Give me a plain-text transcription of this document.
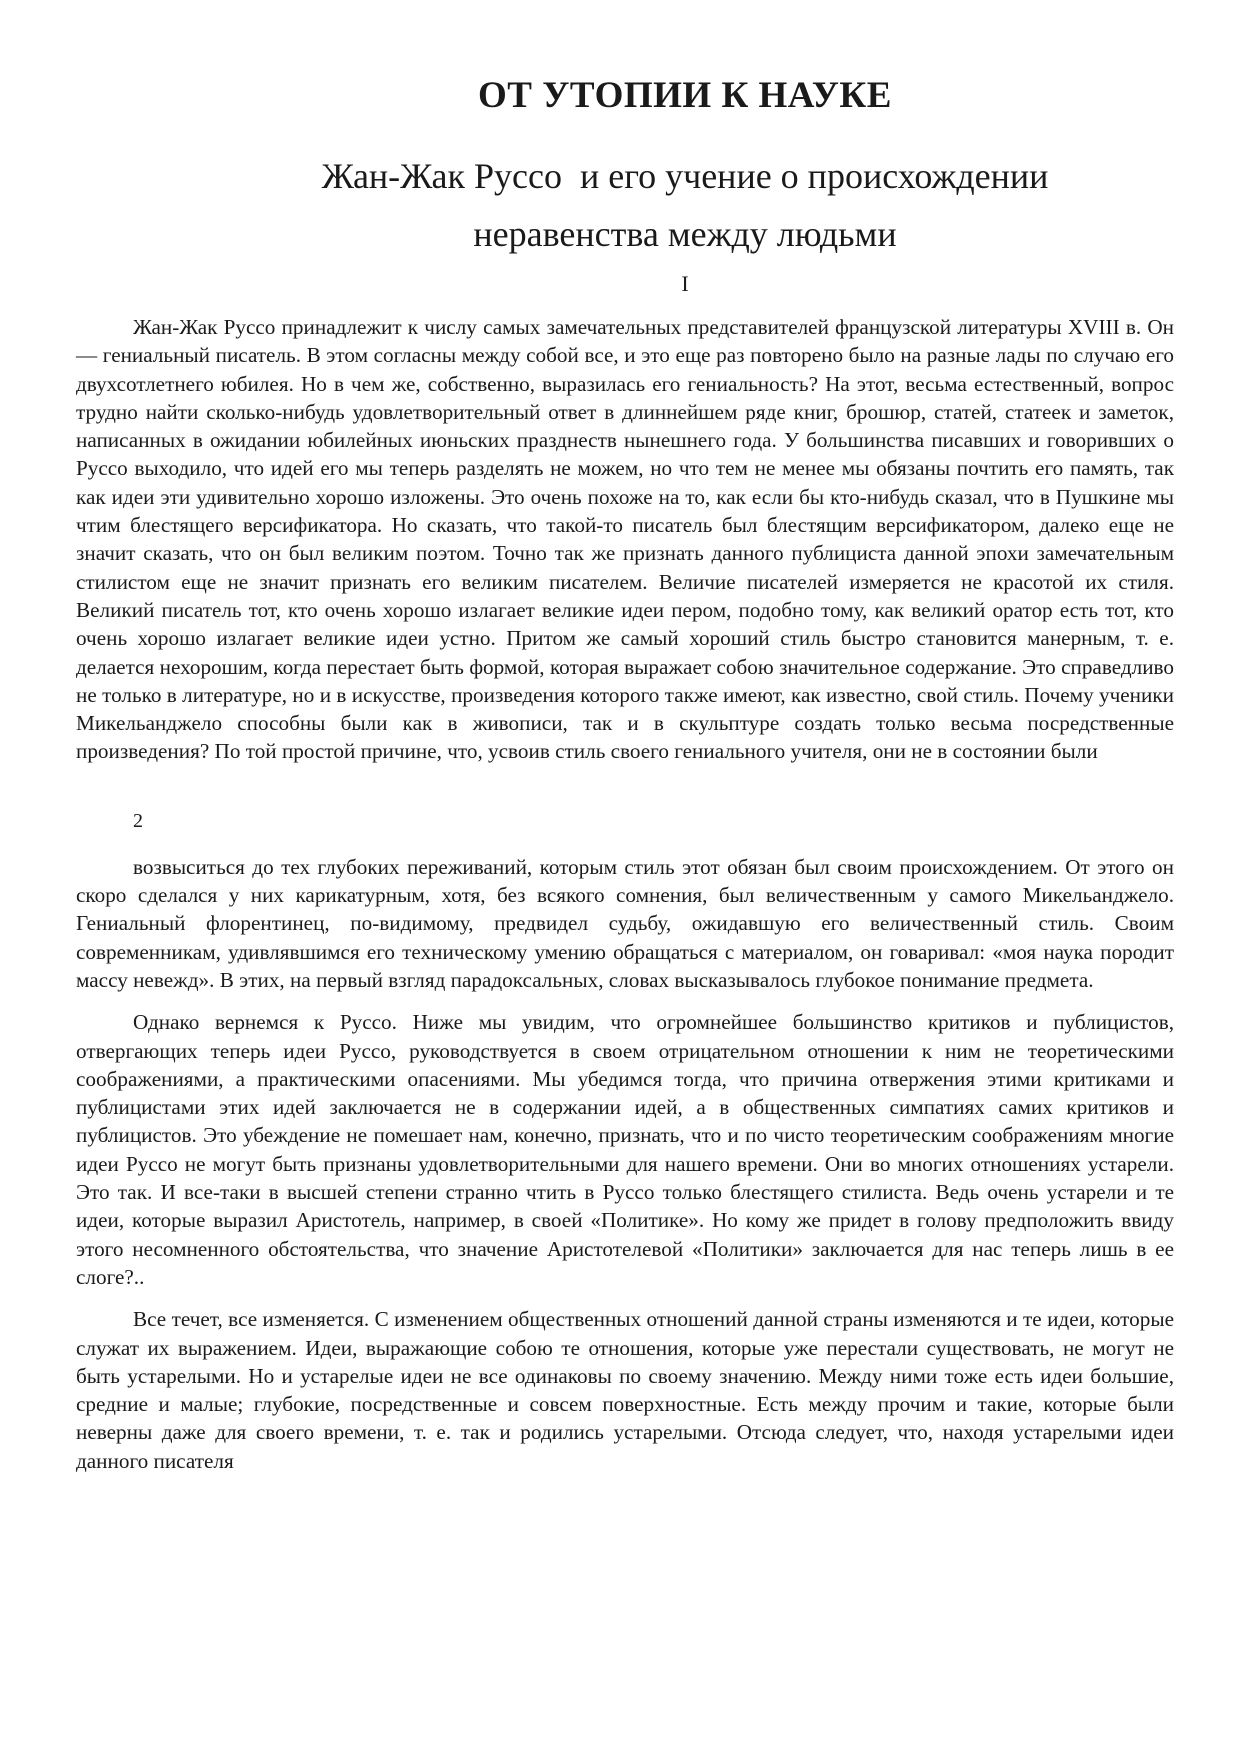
ОТ УТОПИИ К НАУКЕ
Жан-Жак Руссо  и его учение о происхождении
неравенства между людьми
I

Жан-Жак Руссо принадлежит к числу самых замечательных представителей французской литературы XVIII в. Он — гениальный писатель. В этом согласны между собой все, и это еще раз повторено было на разные лады по случаю его двухсотлетнего юбилея. Но в чем же, собственно, выразилась его гениальность? На этот, весьма естественный, вопрос трудно найти сколько-нибудь удовлетворительный ответ в длиннейшем ряде книг, брошюр, статей, статеек и заметок, написанных в ожидании юбилейных июньских празднеств нынешнего года. У большинства писавших и говоривших о Руссо выходило, что идей его мы теперь разделять не можем, но что тем не менее мы обязаны почтить его память, так как идеи эти удивительно хорошо изложены. Это очень похоже на то, как если бы кто-нибудь сказал, что в Пушкине мы чтим блестящего версификатора. Но сказать, что такой-то писатель был блестящим версификатором, далеко еще не значит сказать, что он был великим поэтом. Точно так же признать данного публициста данной эпохи замечательным стилистом еще не значит признать его великим писателем. Величие писателей измеряется не красотой их стиля. Великий писатель тот, кто очень хорошо излагает великие идеи пером, подобно тому, как великий оратор есть тот, кто очень хорошо излагает великие идеи устно. Притом же самый хороший стиль быстро становится манерным, т. е. делается нехорошим, когда перестает быть формой, которая выражает собою значительное содержание. Это справедливо не только в литературе, но и в искусстве, произведения которого также имеют, как известно, свой стиль. Почему ученики Микельанджело способны были как в живописи, так и в скульптуре создать только весьма посредственные произведения? По той простой причине, что, усвоив стиль своего гениального учителя, они не в состоянии были

2

возвыситься до тех глубоких переживаний, которым стиль этот обязан был своим происхождением. От этого он скоро сделался у них карикатурным, хотя, без всякого сомнения, был величественным у самого Микельанджело. Гениальный флорентинец, по-видимому, предвидел судьбу, ожидавшую его величественный стиль. Своим современникам, удивлявшимся его техническому умению обращаться с материалом, он говаривал: «моя наука породит массу невежд». В этих, на первый взгляд парадоксальных, словах высказывалось глубокое понимание предмета.

Однако вернемся к Руссо. Ниже мы увидим, что огромнейшее большинство критиков и публицистов, отвергающих теперь идеи Руссо, руководствуется в своем отрицательном отношении к ним не теоретическими соображениями, а практическими опасениями. Мы убедимся тогда, что причина отвержения этими критиками и публицистами этих идей заключается не в содержании идей, а в общественных симпатиях самих критиков и публицистов. Это убеждение не помешает нам, конечно, признать, что и по чисто теоретическим соображениям многие идеи Руссо не могут быть признаны удовлетворительными для нашего времени. Они во многих отношениях устарели. Это так. И все-таки в высшей степени странно чтить в Руссо только блестящего стилиста. Ведь очень устарели и те идеи, которые выразил Аристотель, например, в своей «Политике». Но кому же придет в голову предположить ввиду этого несомненного обстоятельства, что значение Аристотелевой «Политики» заключается для нас теперь лишь в ее слоге?..

Все течет, все изменяется. С изменением общественных отношений данной страны изменяются и те идеи, которые служат их выражением. Идеи, выражающие собою те отношения, которые уже перестали существовать, не могут не быть устарелыми. Но и устарелые идеи не все одинаковы по своему значению. Между ними тоже есть идеи большие, средние и малые; глубокие, посредственные и совсем поверхностные. Есть между прочим и такие, которые были неверны даже для своего времени, т. е. так и родились устарелыми. Отсюда следует, что, находя устарелыми идеи данного писателя
